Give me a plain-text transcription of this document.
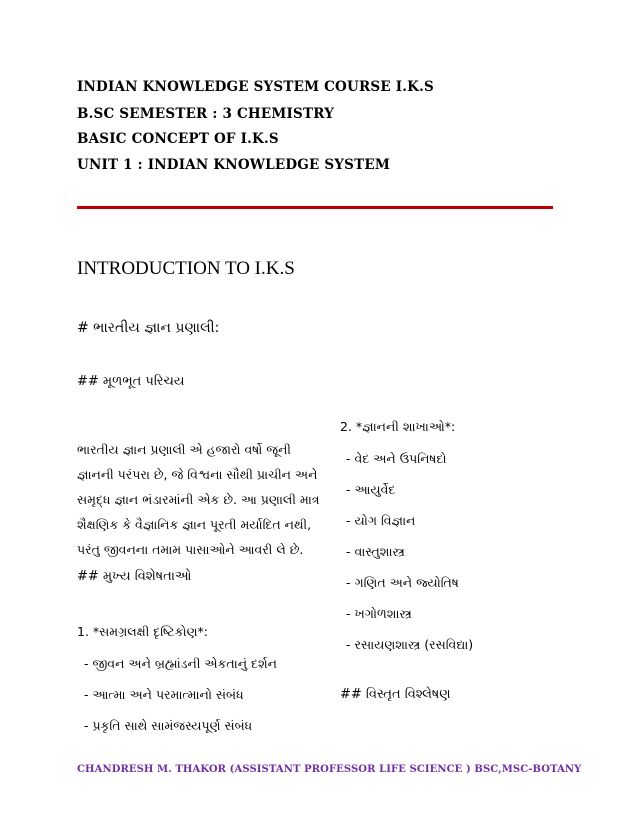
INDIAN KNOWLEDGE SYSTEM COURSE I.K.S
B.SC SEMESTER : 3 CHEMISTRY
BASIC CONCEPT OF I.K.S
UNIT 1 : INDIAN KNOWLEDGE SYSTEM
INTRODUCTION TO I.K.S
# ભારતીય જ્ઞાન પ્રણાલી:
## મૂળભૂત પરિચય
ભારતીય જ્ઞાન પ્રણાલી એ હજારો વર્ષો જૂની
જ્ઞાનની પરંપરા છે, જે વિશ્વના સૌથી પ્રાચીન અને
સમૃદ્ધ જ્ઞાન ભંડારમાંની એક છે. આ પ્રણાલી માત્ર
શૈક્ષણિક કે વૈજ્ઞાનિક જ્ઞાન પૂરતી મર્યાદિત નથી,
પરંતુ જીવનના તમામ પાસાઓને આવરી લે છે.
## મુખ્ય વિશેષતાઓ
1. *સમગ્રલક્ષી દૃષ્ટિકોણ*:
- જીવન અને બ્રહ્માંડની એકતાનું દર્શન
- આત્મા અને પરમાત્માનો સંબંધ
- પ્રકૃતિ સાથે સામંજસ્યપૂર્ણ સંબંધ
2. *જ્ઞાનની શાખાઓ*:
- વેદ અને ઉપનિષદો
- આયુર્વેદ
- યોગ વિજ્ઞાન
- વાસ્તુશાસ્ત્ર
- ગણિત અને જ્યોતિષ
- ખગોળશાસ્ત્ર
- રસાયણશાસ્ત્ર (રસવિદ્યા)
## વિસ્તૃત વિશ્લેષણ
CHANDRESH M. THAKOR (ASSISTANT PROFESSOR LIFE SCIENCE ) BSC,MSC-BOTANY
